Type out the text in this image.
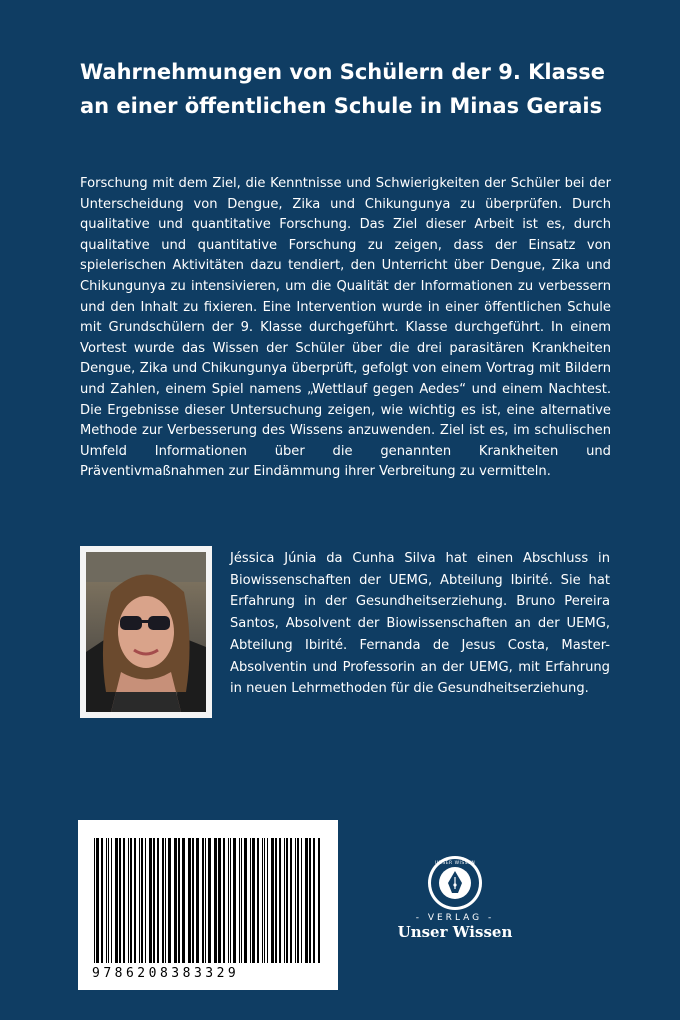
Wahrnehmungen von Schülern der 9. Klasse an einer öffentlichen Schule in Minas Gerais

Forschung mit dem Ziel, die Kenntnisse und Schwierigkeiten der Schüler bei der Unterscheidung von Dengue, Zika und Chikungunya zu überprüfen. Durch qualitative und quantitative Forschung. Das Ziel dieser Arbeit ist es, durch qualitative und quantitative Forschung zu zeigen, dass der Einsatz von spielerischen Aktivitäten dazu tendiert, den Unterricht über Dengue, Zika und Chikungunya zu intensivieren, um die Qualität der Informationen zu verbessern und den Inhalt zu fixieren. Eine Intervention wurde in einer öffentlichen Schule mit Grundschülern der 9. Klasse durchgeführt. Klasse durchgeführt. In einem Vortest wurde das Wissen der Schüler über die drei parasitären Krankheiten Dengue, Zika und Chikungunya überprüft, gefolgt von einem Vortrag mit Bildern und Zahlen, einem Spiel namens „Wettlauf gegen Aedes“ und einem Nachtest. Die Ergebnisse dieser Untersuchung zeigen, wie wichtig es ist, eine alternative Methode zur Verbesserung des Wissens anzuwenden. Ziel ist es, im schulischen Umfeld Informationen über die genannten Krankheiten und Präventivmaßnahmen zur Eindämmung ihrer Verbreitung zu vermitteln.

Jéssica Júnia da Cunha Silva hat einen Abschluss in Biowissenschaften der UEMG, Abteilung Ibirité. Sie hat Erfahrung in der Gesundheitserziehung. Bruno Pereira Santos, Absolvent der Biowissenschaften an der UEMG, Abteilung Ibirité. Fernanda de Jesus Costa, Master-Absolventin und Professorin an der UEMG, mit Erfahrung in neuen Lehrmethoden für die Gesundheitserziehung.

9786208383329
UNSER WISSEN
- VERLAG -
Unser Wissen
